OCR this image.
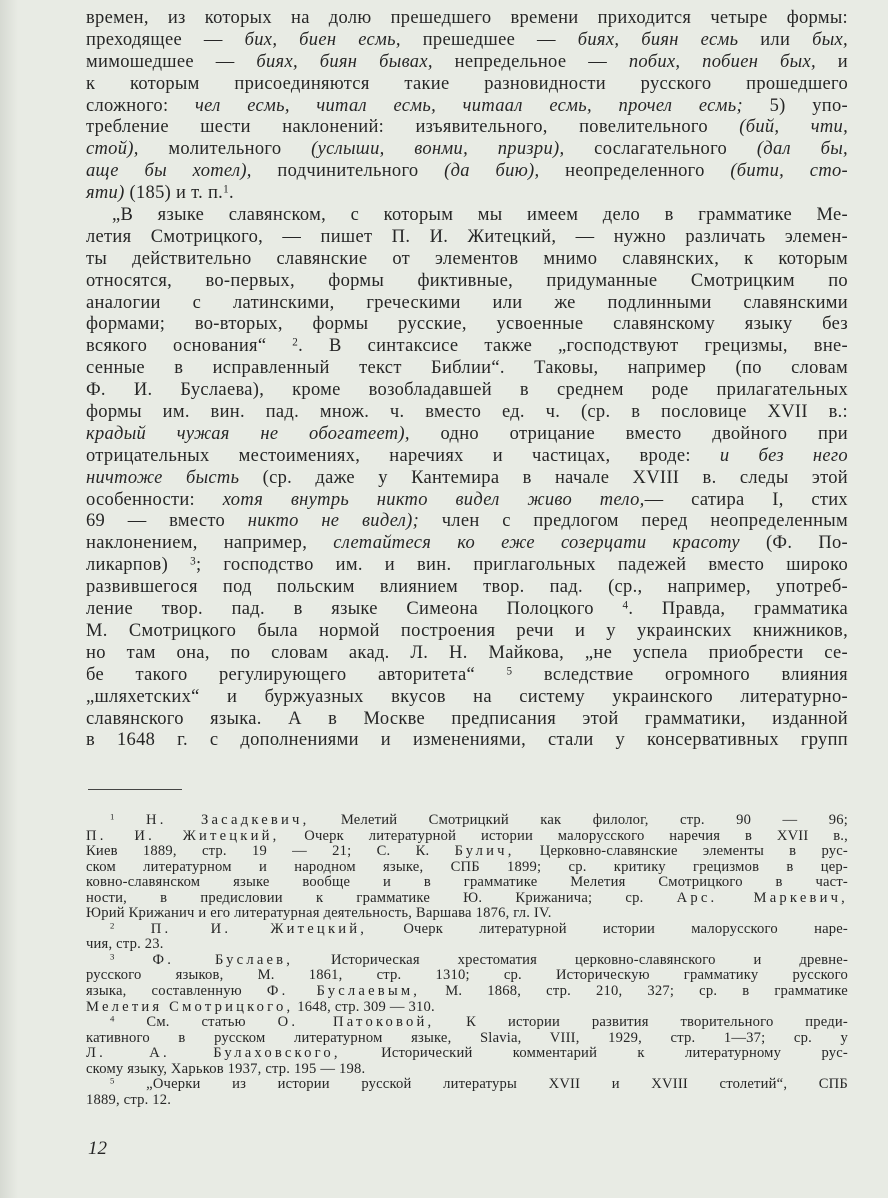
времен, из которых на долю прешедшего времени приходится четыре формы:
преходящее — бих, биен есмь, прешедшее — биях, биян есмь или бых,
мимошедшее — биях, биян бывах, непредельное — побих, побиен бых, и
к которым присоединяются такие разновидности русского прошедшего
сложного: чел есмь, читал есмь, читаал есмь, прочел есмь; 5) упо-
требление шести наклонений: изъявительного, повелительного (бий, чти,
стой), молительного (услыши, вонми, призри), сослагательного (дал бы,
аще бы хотел), подчинительного (да бию), неопределенного (бити, сто-
яти) (185) и т. п.$^1$.
„В языке славянском, с которым мы имеем дело в грамматике Ме-
летия Смотрицкого, — пишет П. И. Житецкий, — нужно различать элемен-
ты действительно славянские от элементов мнимо славянских, к которым
относятся, во-первых, формы фиктивные, придуманные Смотрицким по
аналогии с латинскими, греческими или же подлинными славянскими
формами; во-вторых, формы русские, усвоенные славянскому языку без
всякого основания“ $^2$. В синтаксисе также „господствуют грецизмы, вне-
сенные в исправленный текст Библии“. Таковы, например (по словам
Ф. И. Буслаева), кроме возобладавшей в среднем роде прилагательных
формы им. вин. пад. множ. ч. вместо ед. ч. (ср. в пословице XVII в.:
крадый чужая не обогатеет), одно отрицание вместо двойного при
отрицательных местоимениях, наречиях и частицах, вроде: и без него
ничтоже бысть (ср. даже у Кантемира в начале XVIII в. следы этой
особенности: хотя внутрь никто видел живо тело,— сатира I, стих
69 — вместо никто не видел); член с предлогом перед неопределенным
наклонением, например, слетайтеся ко еже созерцати красоту (Ф. По-
ликарпов) $^3$; господство им. и вин. приглагольных падежей вместо широко
развившегося под польским влиянием твор. пад. (ср., например, употреб-
ление твор. пад. в языке Симеона Полоцкого $^4$. Правда, грамматика
М. Смотрицкого была нормой построения речи и у украинских книжников,
но там она, по словам акад. Л. Н. Майкова, „не успела приобрести се-
бе такого регулирующего авторитета“ $^5$ вследствие огромного влияния
„шляхетских“ и буржуазных вкусов на систему украинского литературно-
славянского языка. А в Москве предписания этой грамматики, изданной
в 1648 г. с дополнениями и изменениями, стали у консервативных групп
$^1$ Н. Засадкевич, Мелетий Смотрицкий как филолог, стр. 90 — 96;
П. И. Житецкий, Очерк литературной истории малорусского наречия в XVII в.,
Киев 1889, стр. 19 — 21; С. К. Булич, Церковно-славянские элементы в рус-
ском литературном и народном языке, СПБ 1899; ср. критику грецизмов в цер-
ковно-славянском языке вообще и в грамматике Мелетия Смотрицкого в част-
ности, в предисловии к грамматике Ю. Крижанича; ср. Арс. Маркевич,
Юрий Крижанич и его литературная деятельность, Варшава 1876, гл. IV.
$^2$ П. И. Житецкий, Очерк литературной истории малорусского наре-
чия, стр. 23.
$^3$	Ф. Буслаев, Историческая хрестоматия церковно-славянского и древне-
русского языков, М. 1861, стр. 1310; ср. Историческую грамматику русского
языка, составленную Ф. Буслаевым, М. 1868, стр. 210, 327; ср. в грамматике
Мелетия Смотрицкого, 1648, стр. 309 — 310.
$^4$ См. статью О. Патоковой, К истории развития творительного преди-
кативного в русском литературном языке, Slavia, VIII, 1929, стр. 1—37; ср. у
Л. А. Булаховского, Исторический комментарий к литературному рус-
скому языку, Харьков 1937, стр. 195 — 198.
$^5$ „Очерки из истории русской литературы XVII и XVIII столетий“, СПБ
1889, стр. 12.
12
